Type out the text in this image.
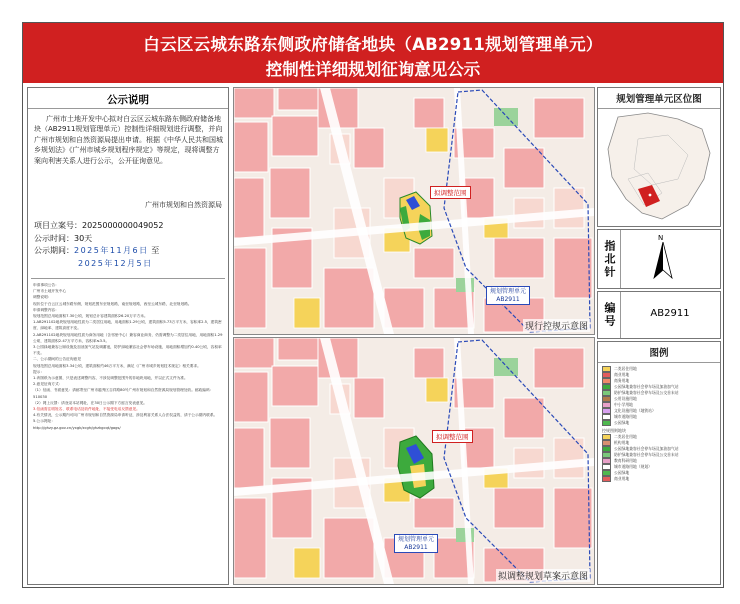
白云区云城东路东侧政府储备地块（AB2911规划管理单元）
控制性详细规划征询意见公示
公示说明
广州市土地开发中心拟对白云区云城东路东侧政府储备地块（AB2911规划管理单元）控制性详细规划进行调整，并向广州市规划和自然资源局提出申请。根据《中华人民共和国城乡规划法》《广州市城乡规划程序规定》等规定，现将调整方案向利害关系人进行公示，公开征询意见。
广州市规划和自然资源局
项目立案号：2025000000049052
公示时间：30天
公示期间：2025年11月6日 至
2025年12月5日

申请事项公告：

广州市土地开发中心

调整说明：

现状位于白云区云城东路东侧，规划范围东至规划路，南至规划路，西至云城东路，北至规划路。

申请调整内容：

规划范围总用地面积7.30公顷，规划总计容建筑面积26.20万平方米。

1.AB291102地块规划用地性质为二类居住用地，用地面积1.29公顷，建筑面积5.73万平方米，容积率2.5，建筑密度、绿地率、建筑高度不变。

2.AB291102地块规划用地性质为商务用地（含邻里中心）兼容商业商务，仍需调整为二类居住用地，用地面积1.29公顷，建筑面积2.47万平方米，容积率≤3.5。

3.公园绿地兼容公厕设施及加油加气站及调蓄池，防护绿地兼容社会停车场设施，用地面积增加约0.40公顷，容积率不变。

二、公示期间的公告征询意见

规划范围总用地面积3.34公顷，建筑面积约46万平方米，满足《广州市城乡规划技术规定》相关要求。

提示：

1.该图纸为示意图，只是表述调整内容，不涉及调整范围外的非地块用地，并以正式文件为准。

2.意见征询方式：

（1）信函、书面意见：请邮寄至广州市越秀区吉祥路80号广州市规划和自然资源局规划管理处收。邮政编码：510030

（2）网上反馈：请登录本站网址，在30日公示期下方留言发表意见。

3.信函需注明姓名、联系电话及收件地址，不接受电话反馈意见。

4.有关情况，公示期内可向广州市规划和自然资源局申请听证，涉及利害关系人合法权益的，请于公示期内联系。

5.公示网址：

http://ghzy.gz.gov.cn/yxgk/zcgh/ghzkgcqt/gags/

拟调整范围
规划管理单元
AB2911
现行控规示意图
拟调整范围
规划管理单元
AB2911
拟调整规划草案示意图
规划管理单元区位图
指北针
N
编号	AB2911
图例
二类居住用地
商业用地
商务用地
公园绿地兼容社会停车场及加油加气站
防护绿地兼容社会停车场及公交首末站
公用设施用地
中小学用地
文化设施用地（地铁站）
城市道路用地
公园绿地
控规图则地块
二类居住用地
机构用地
公园绿地兼容社会停车场及加油加气站
防护绿地兼容社会停车场及公交首末站
教育科研用地
城市道路用地（规划）
公园绿地
商业用地
